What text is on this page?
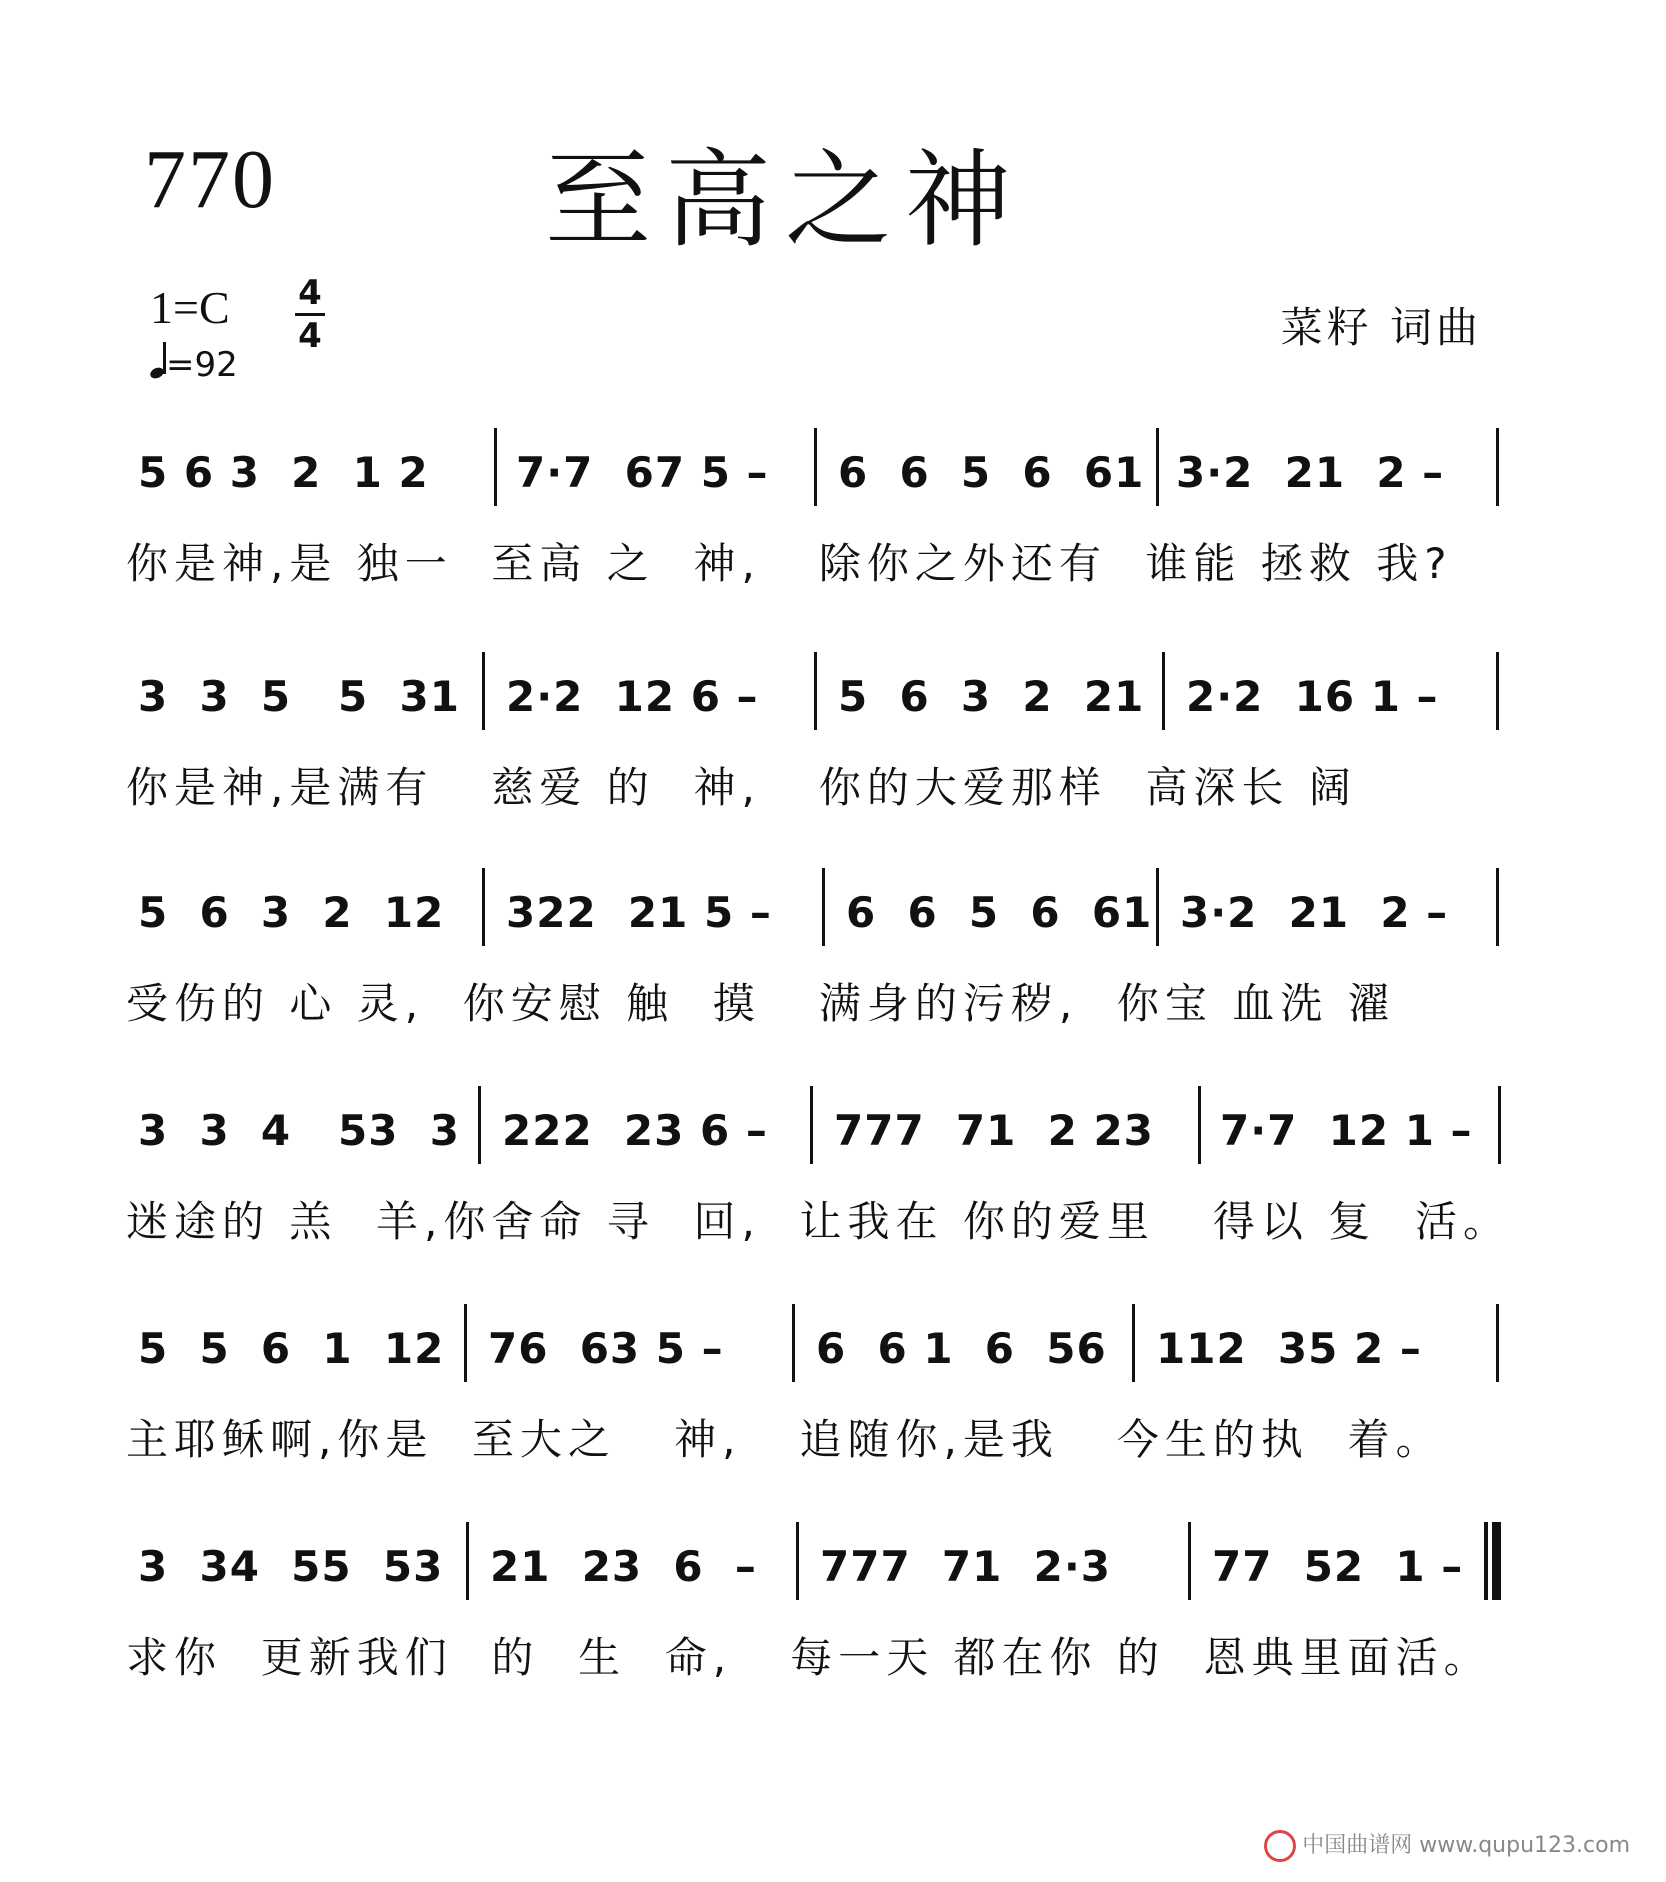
770	至高之神
1=C 4
4
=92
菜籽 词曲
5 6 3  2  1 2 7·7  67 5 – 6  6  5  6  61 3·2  21  2 –
你是神,是 独一  至高 之  神,   除你之外还有  谁能 拯救 我?
3  3  5   5  31 2·2  12 6 – 5  6  3  2  21 2·2  16 1 –
你是神,是满有   慈爱 的  神,   你的大爱那样  高深长 阔
5  6  3  2  12 322  21 5 – 6  6  5  6  61 3·2  21  2 –
受伤的 心 灵,  你安慰 触  摸   满身的污秽,  你宝 血洗 濯
3  3  4   53  3 222  23 6 – 777  71  2 23 7·7  12 1 –
迷途的 羔  羊,你舍命 寻  回,  让我在 你的爱里   得以 复  活。
5  5  6  1  12 76  63 5 – 6  6 1  6  56 112  35 2 –
主耶稣啊,你是  至大之   神,   追随你,是我   今生的执  着。
3  34  55  53 21  23  6  – 777  71  2·3 77  52  1 –
求你  更新我们  的  生  命,   每一天 都在你 的  恩典里面活。
中国曲谱网 www.qupu123.com
